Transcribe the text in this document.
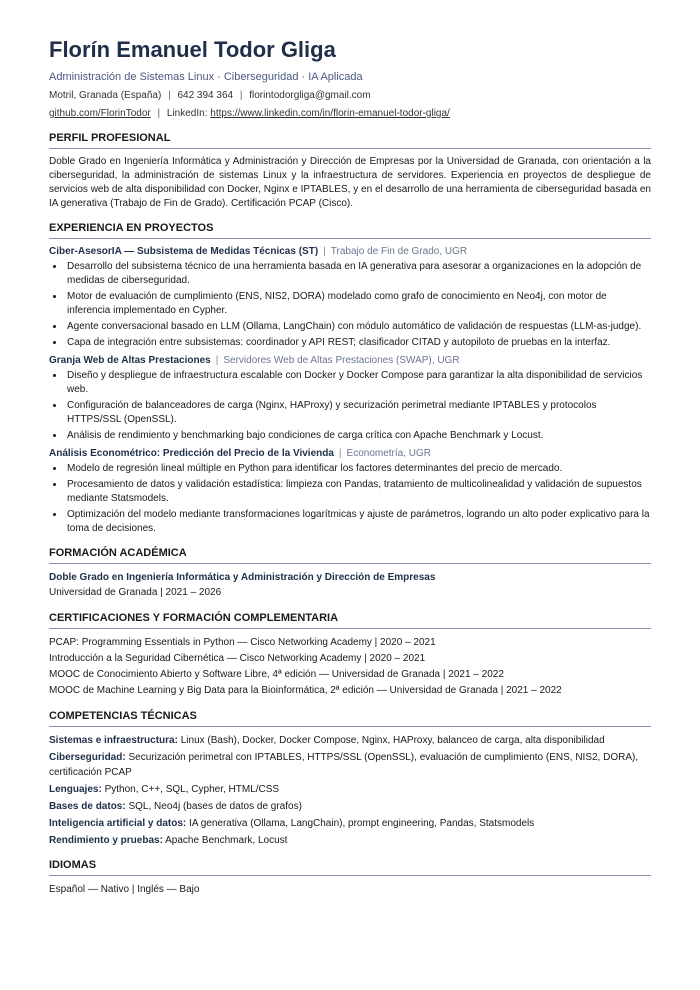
Florín Emanuel Todor Gliga
Administración de Sistemas Linux · Ciberseguridad · IA Aplicada
Motril, Granada (España) | 642 394 364 | florintodorgliga@gmail.com
github.com/FlorinTodor | LinkedIn: https://www.linkedin.com/in/florin-emanuel-todor-gliga/
PERFIL PROFESIONAL

Doble Grado en Ingeniería Informática y Administración y Dirección de Empresas por la Universidad de Granada, con orientación a la ciberseguridad, la administración de sistemas Linux y la infraestructura de servidores. Experiencia en proyectos de despliegue de servicios web de alta disponibilidad con Docker, Nginx e IPTABLES, y en el desarrollo de una herramienta de ciberseguridad basada en IA generativa (Trabajo de Fin de Grado). Certificación PCAP (Cisco).

EXPERIENCIA EN PROYECTOS
Ciber-AsesorIA — Subsistema de Medidas Técnicas (ST) | Trabajo de Fin de Grado, UGR
• Desarrollo del subsistema técnico de una herramienta basada en IA generativa para asesorar a organizaciones en la adopción de medidas de ciberseguridad.
• Motor de evaluación de cumplimiento (ENS, NIS2, DORA) modelado como grafo de conocimiento en Neo4j, con motor de inferencia implementado en Cypher.
• Agente conversacional basado en LLM (Ollama, LangChain) con módulo automático de validación de respuestas (LLM-as-judge).
• Capa de integración entre subsistemas: coordinador y API REST; clasificador CITAD y autopiloto de pruebas en la interfaz.
Granja Web de Altas Prestaciones | Servidores Web de Altas Prestaciones (SWAP), UGR
• Diseño y despliegue de infraestructura escalable con Docker y Docker Compose para garantizar la alta disponibilidad de servicios web.
• Configuración de balanceadores de carga (Nginx, HAProxy) y securización perimetral mediante IPTABLES y protocolos HTTPS/SSL (OpenSSL).
• Análisis de rendimiento y benchmarking bajo condiciones de carga crítica con Apache Benchmark y Locust.
Análisis Econométrico: Predicción del Precio de la Vivienda | Econometría, UGR
• Modelo de regresión lineal múltiple en Python para identificar los factores determinantes del precio de mercado.
• Procesamiento de datos y validación estadística: limpieza con Pandas, tratamiento de multicolinealidad y validación de supuestos mediante Statsmodels.
• Optimización del modelo mediante transformaciones logarítmicas y ajuste de parámetros, logrando un alto poder explicativo para la toma de decisiones.
FORMACIÓN ACADÉMICA
Doble Grado en Ingeniería Informática y Administración y Dirección de Empresas
Universidad de Granada | 2021 – 2026
CERTIFICACIONES Y FORMACIÓN COMPLEMENTARIA
PCAP: Programming Essentials in Python — Cisco Networking Academy | 2020 – 2021
Introducción a la Seguridad Cibernética — Cisco Networking Academy | 2020 – 2021
MOOC de Conocimiento Abierto y Software Libre, 4ª edición — Universidad de Granada | 2021 – 2022
MOOC de Machine Learning y Big Data para la Bioinformática, 2ª edición — Universidad de Granada | 2021 – 2022
COMPETENCIAS TÉCNICAS
Sistemas e infraestructura: Linux (Bash), Docker, Docker Compose, Nginx, HAProxy, balanceo de carga, alta disponibilidad
Ciberseguridad: Securización perimetral con IPTABLES, HTTPS/SSL (OpenSSL), evaluación de cumplimiento (ENS, NIS2, DORA), certificación PCAP
Lenguajes: Python, C++, SQL, Cypher, HTML/CSS
Bases de datos: SQL, Neo4j (bases de datos de grafos)
Inteligencia artificial y datos: IA generativa (Ollama, LangChain), prompt engineering, Pandas, Statsmodels
Rendimiento y pruebas: Apache Benchmark, Locust
IDIOMAS
Español — Nativo | Inglés — Bajo
